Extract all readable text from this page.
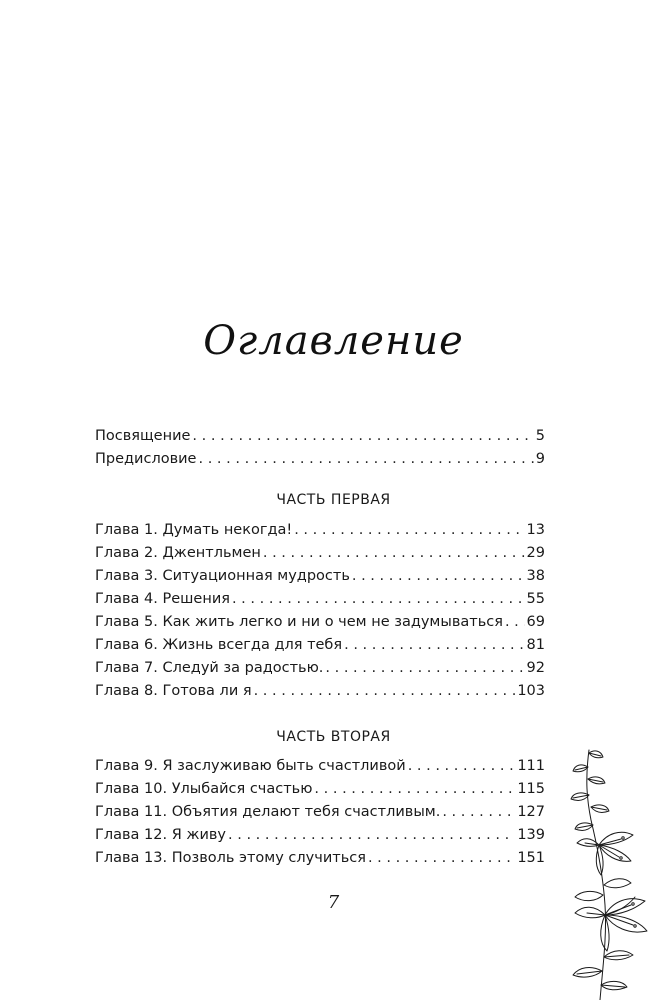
Оглавление
Посвящение . . .	5
Предисловие . . .	9
ЧАСТЬ ПЕРВАЯ
Глава 1. Думать некогда! . . .	13
Глава 2. Джентльмен . . .	29
Глава 3. Ситуационная мудрость . . .	38
Глава 4. Решения . . .	55
Глава 5. Как жить легко и ни о чем не задумываться . . . 69
Глава 6. Жизнь всегда для тебя . . .	81
Глава 7. Следуй за радостью. . . .	92
Глава 8. Готова ли я . . .	103
ЧАСТЬ ВТОРАЯ
Глава 9. Я заслуживаю быть счастливой . . .	111
Глава 10. Улыбайся счастью . . .	115
Глава 11. Объятия делают тебя счастливым. . . .	127
Глава 12. Я живу . . .	139
Глава 13. Позволь этому случиться . . .	151
7
